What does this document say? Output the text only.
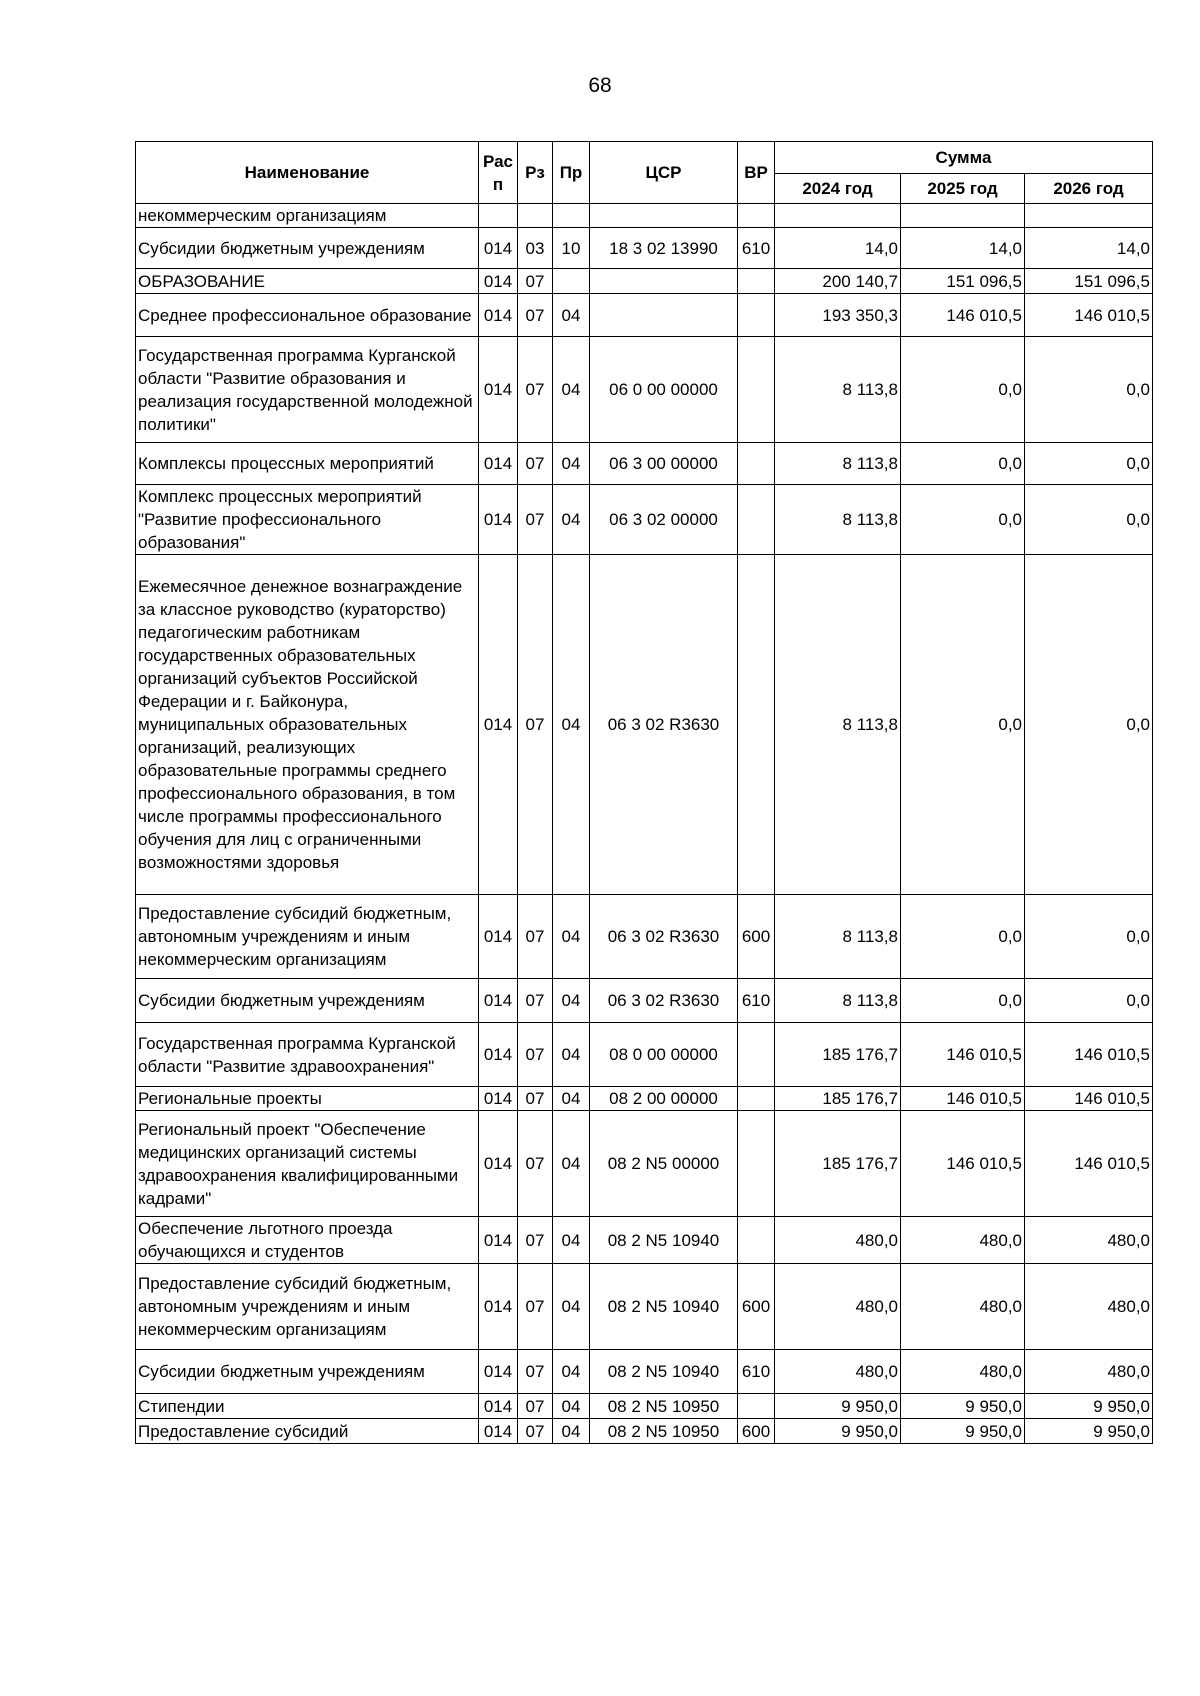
68
Наименование	Рас п	Рз	Пр	ЦСР	ВР	Сумма		
						2024 год	2025 год	2026 год
некоммерческим организациям								
Субсидии бюджетным учреждениям	014	03	10	18 3 02 13990	610	14,0	14,0	14,0
ОБРАЗОВАНИЕ	014	07				200 140,7	151 096,5	151 096,5
Среднее профессиональное образование	014	07	04			193 350,3	146 010,5	146 010,5
Государственная программа Курганской области "Развитие образования и реализация государственной молодежной политики"	014	07	04	06 0 00 00000		8 113,8	0,0	0,0
Комплексы процессных мероприятий	014	07	04	06 3 00 00000		8 113,8	0,0	0,0
Комплекс процессных мероприятий "Развитие профессионального образования"	014	07	04	06 3 02 00000		8 113,8	0,0	0,0
Ежемесячное денежное вознаграждение за классное руководство (кураторство) педагогическим работникам государственных образовательных организаций субъектов Российской Федерации и г. Байконура, муниципальных образовательных организаций, реализующих образовательные программы среднего профессионального образования, в том числе программы профессионального обучения для лиц с ограниченными возможностями здоровья	014	07	04	06 3 02 R3630		8 113,8	0,0	0,0
Предоставление субсидий бюджетным, автономным учреждениям и иным некоммерческим организациям	014	07	04	06 3 02 R3630	600	8 113,8	0,0	0,0
Субсидии бюджетным учреждениям	014	07	04	06 3 02 R3630	610	8 113,8	0,0	0,0
Государственная программа Курганской области "Развитие здравоохранения"	014	07	04	08 0 00 00000		185 176,7	146 010,5	146 010,5
Региональные проекты	014	07	04	08 2 00 00000		185 176,7	146 010,5	146 010,5
Региональный проект "Обеспечение медицинских организаций системы здравоохранения квалифицированными кадрами"	014	07	04	08 2 N5 00000		185 176,7	146 010,5	146 010,5
Обеспечение льготного проезда обучающихся и студентов	014	07	04	08 2 N5 10940		480,0	480,0	480,0
Предоставление субсидий бюджетным, автономным учреждениям и иным некоммерческим организациям	014	07	04	08 2 N5 10940	600	480,0	480,0	480,0
Субсидии бюджетным учреждениям	014	07	04	08 2 N5 10940	610	480,0	480,0	480,0
Стипендии	014	07	04	08 2 N5 10950		9 950,0	9 950,0	9 950,0
Предоставление субсидий	014	07	04	08 2 N5 10950	600	9 950,0	9 950,0	9 950,0
